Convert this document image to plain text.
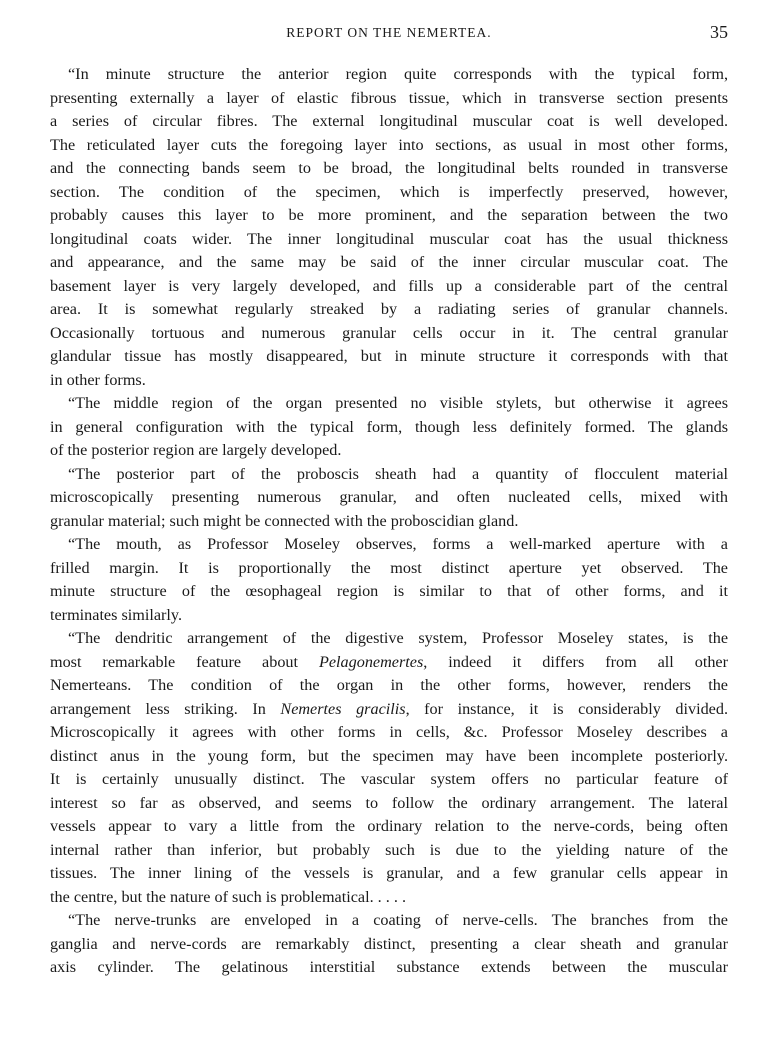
REPORT ON THE NEMERTEA.	35
“In minute structure the anterior region quite corresponds with the typical form,
presenting externally a layer of elastic fibrous tissue, which in transverse section presents
a series of circular fibres. The external longitudinal muscular coat is well developed.
The reticulated layer cuts the foregoing layer into sections, as usual in most other forms,
and the connecting bands seem to be broad, the longitudinal belts rounded in transverse
section. The condition of the specimen, which is imperfectly preserved, however,
probably causes this layer to be more prominent, and the separation between the two
longitudinal coats wider. The inner longitudinal muscular coat has the usual thickness
and appearance, and the same may be said of the inner circular muscular coat. The
basement layer is very largely developed, and fills up a considerable part of the central
area. It is somewhat regularly streaked by a radiating series of granular channels.
Occasionally tortuous and numerous granular cells occur in it. The central granular
glandular tissue has mostly disappeared, but in minute structure it corresponds with that
in other forms.
“The middle region of the organ presented no visible stylets, but otherwise it agrees
in general configuration with the typical form, though less definitely formed. The glands
of the posterior region are largely developed.
“The posterior part of the proboscis sheath had a quantity of flocculent material
microscopically presenting numerous granular, and often nucleated cells, mixed with
granular material; such might be connected with the proboscidian gland.
“The mouth, as Professor Moseley observes, forms a well-marked aperture with a
frilled margin. It is proportionally the most distinct aperture yet observed. The
minute structure of the œsophageal region is similar to that of other forms, and it
terminates similarly.
“The dendritic arrangement of the digestive system, Professor Moseley states, is the
most remarkable feature about Pelagonemertes, indeed it differs from all other
Nemerteans. The condition of the organ in the other forms, however, renders the
arrangement less striking. In Nemertes gracilis, for instance, it is considerably divided.
Microscopically it agrees with other forms in cells, &c. Professor Moseley describes a
distinct anus in the young form, but the specimen may have been incomplete posteriorly.
It is certainly unusually distinct. The vascular system offers no particular feature of
interest so far as observed, and seems to follow the ordinary arrangement. The lateral
vessels appear to vary a little from the ordinary relation to the nerve-cords, being often
internal rather than inferior, but probably such is due to the yielding nature of the
tissues. The inner lining of the vessels is granular, and a few granular cells appear in
the centre, but the nature of such is problematical. . . . .
“The nerve-trunks are enveloped in a coating of nerve-cells. The branches from the
ganglia and nerve-cords are remarkably distinct, presenting a clear sheath and granular
axis cylinder. The gelatinous interstitial substance extends between the muscular
